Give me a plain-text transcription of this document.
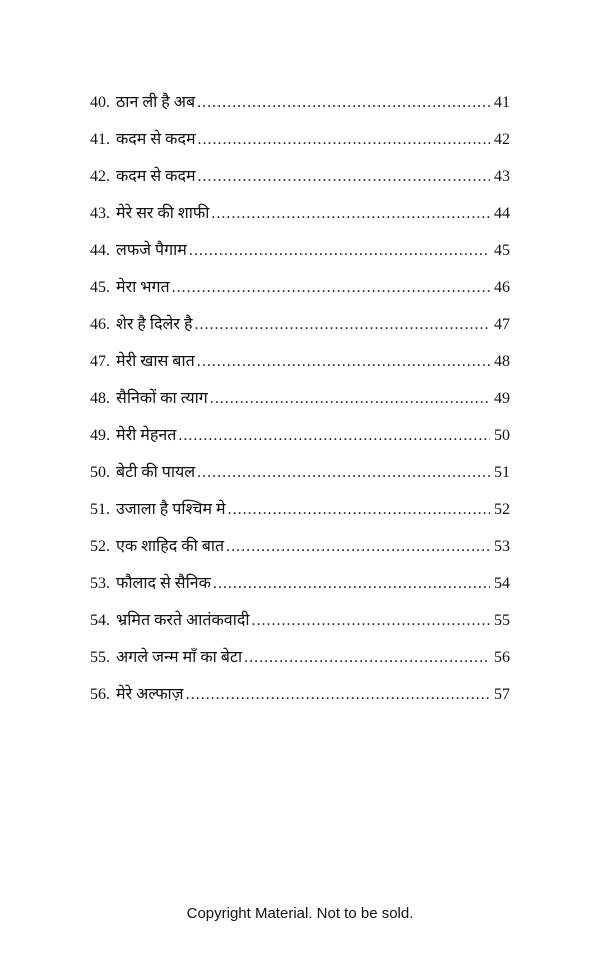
40. ठान ली है अब .....	41
41. कदम से कदम .....	42
42. कदम से कदम .....	43
43. मेरे सर की शाफी .....	44
44. लफजे पैगाम .....	45
45. मेरा भगत .....	46
46. शेर है दिलेर है .....	47
47. मेरी खास बात .....	48
48. सैनिकों का त्याग .....	49
49. मेरी मेहनत .....	50
50. बेटी की पायल .....	51
51. उजाला है पश्चिम मे .....	52
52. एक शाहिद की बात .....	53
53. फौलाद से सैनिक .....	54
54. भ्रमित करते आतंकवादी .....	55
55. अगले जन्म माँ का बेटा .....	56
56. मेरे अल्फाज़ .....	57
Copyright Material. Not to be sold.
